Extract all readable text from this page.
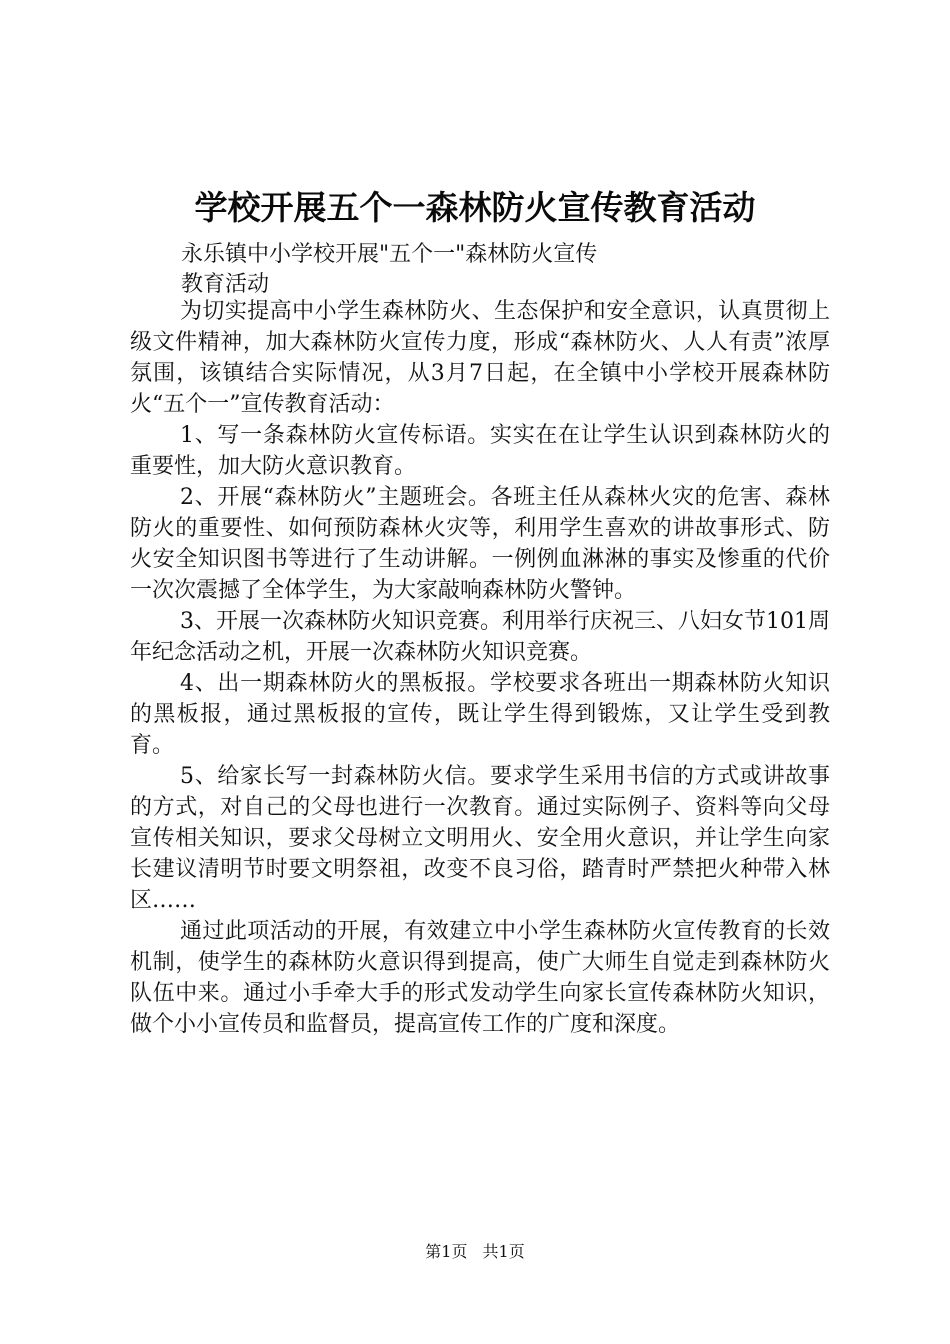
学校开展五个一森林防火宣传教育活动
永乐镇中小学校开展"五个一"森林防火宣传
教育活动

为切实提高中小学生森林防火、生态保护和安全意识，认真贯彻上级文件精神，加大森林防火宣传力度，形成“森林防火、人人有责”浓厚氛围，该镇结合实际情况，从3月7日起，在全镇中小学校开展森林防火“五个一”宣传教育活动：

1、写一条森林防火宣传标语。实实在在让学生认识到森林防火的重要性，加大防火意识教育。

2、开展“森林防火”主题班会。各班主任从森林火灾的危害、森林防火的重要性、如何预防森林火灾等，利用学生喜欢的讲故事形式、防火安全知识图书等进行了生动讲解。一例例血淋淋的事实及惨重的代价一次次震撼了全体学生，为大家敲响森林防火警钟。

3、开展一次森林防火知识竞赛。利用举行庆祝三、八妇女节101周年纪念活动之机，开展一次森林防火知识竞赛。

4、出一期森林防火的黑板报。学校要求各班出一期森林防火知识的黑板报，通过黑板报的宣传，既让学生得到锻炼，又让学生受到教育。

5、给家长写一封森林防火信。要求学生采用书信的方式或讲故事的方式，对自己的父母也进行一次教育。通过实际例子、资料等向父母宣传相关知识，要求父母树立文明用火、安全用火意识，并让学生向家长建议清明节时要文明祭祖，改变不良习俗，踏青时严禁把火种带入林区……

通过此项活动的开展，有效建立中小学生森林防火宣传教育的长效机制，使学生的森林防火意识得到提高，使广大师生自觉走到森林防火队伍中来。通过小手牵大手的形式发动学生向家长宣传森林防火知识，做个小小宣传员和监督员，提高宣传工作的广度和深度。

第1页 共1页
